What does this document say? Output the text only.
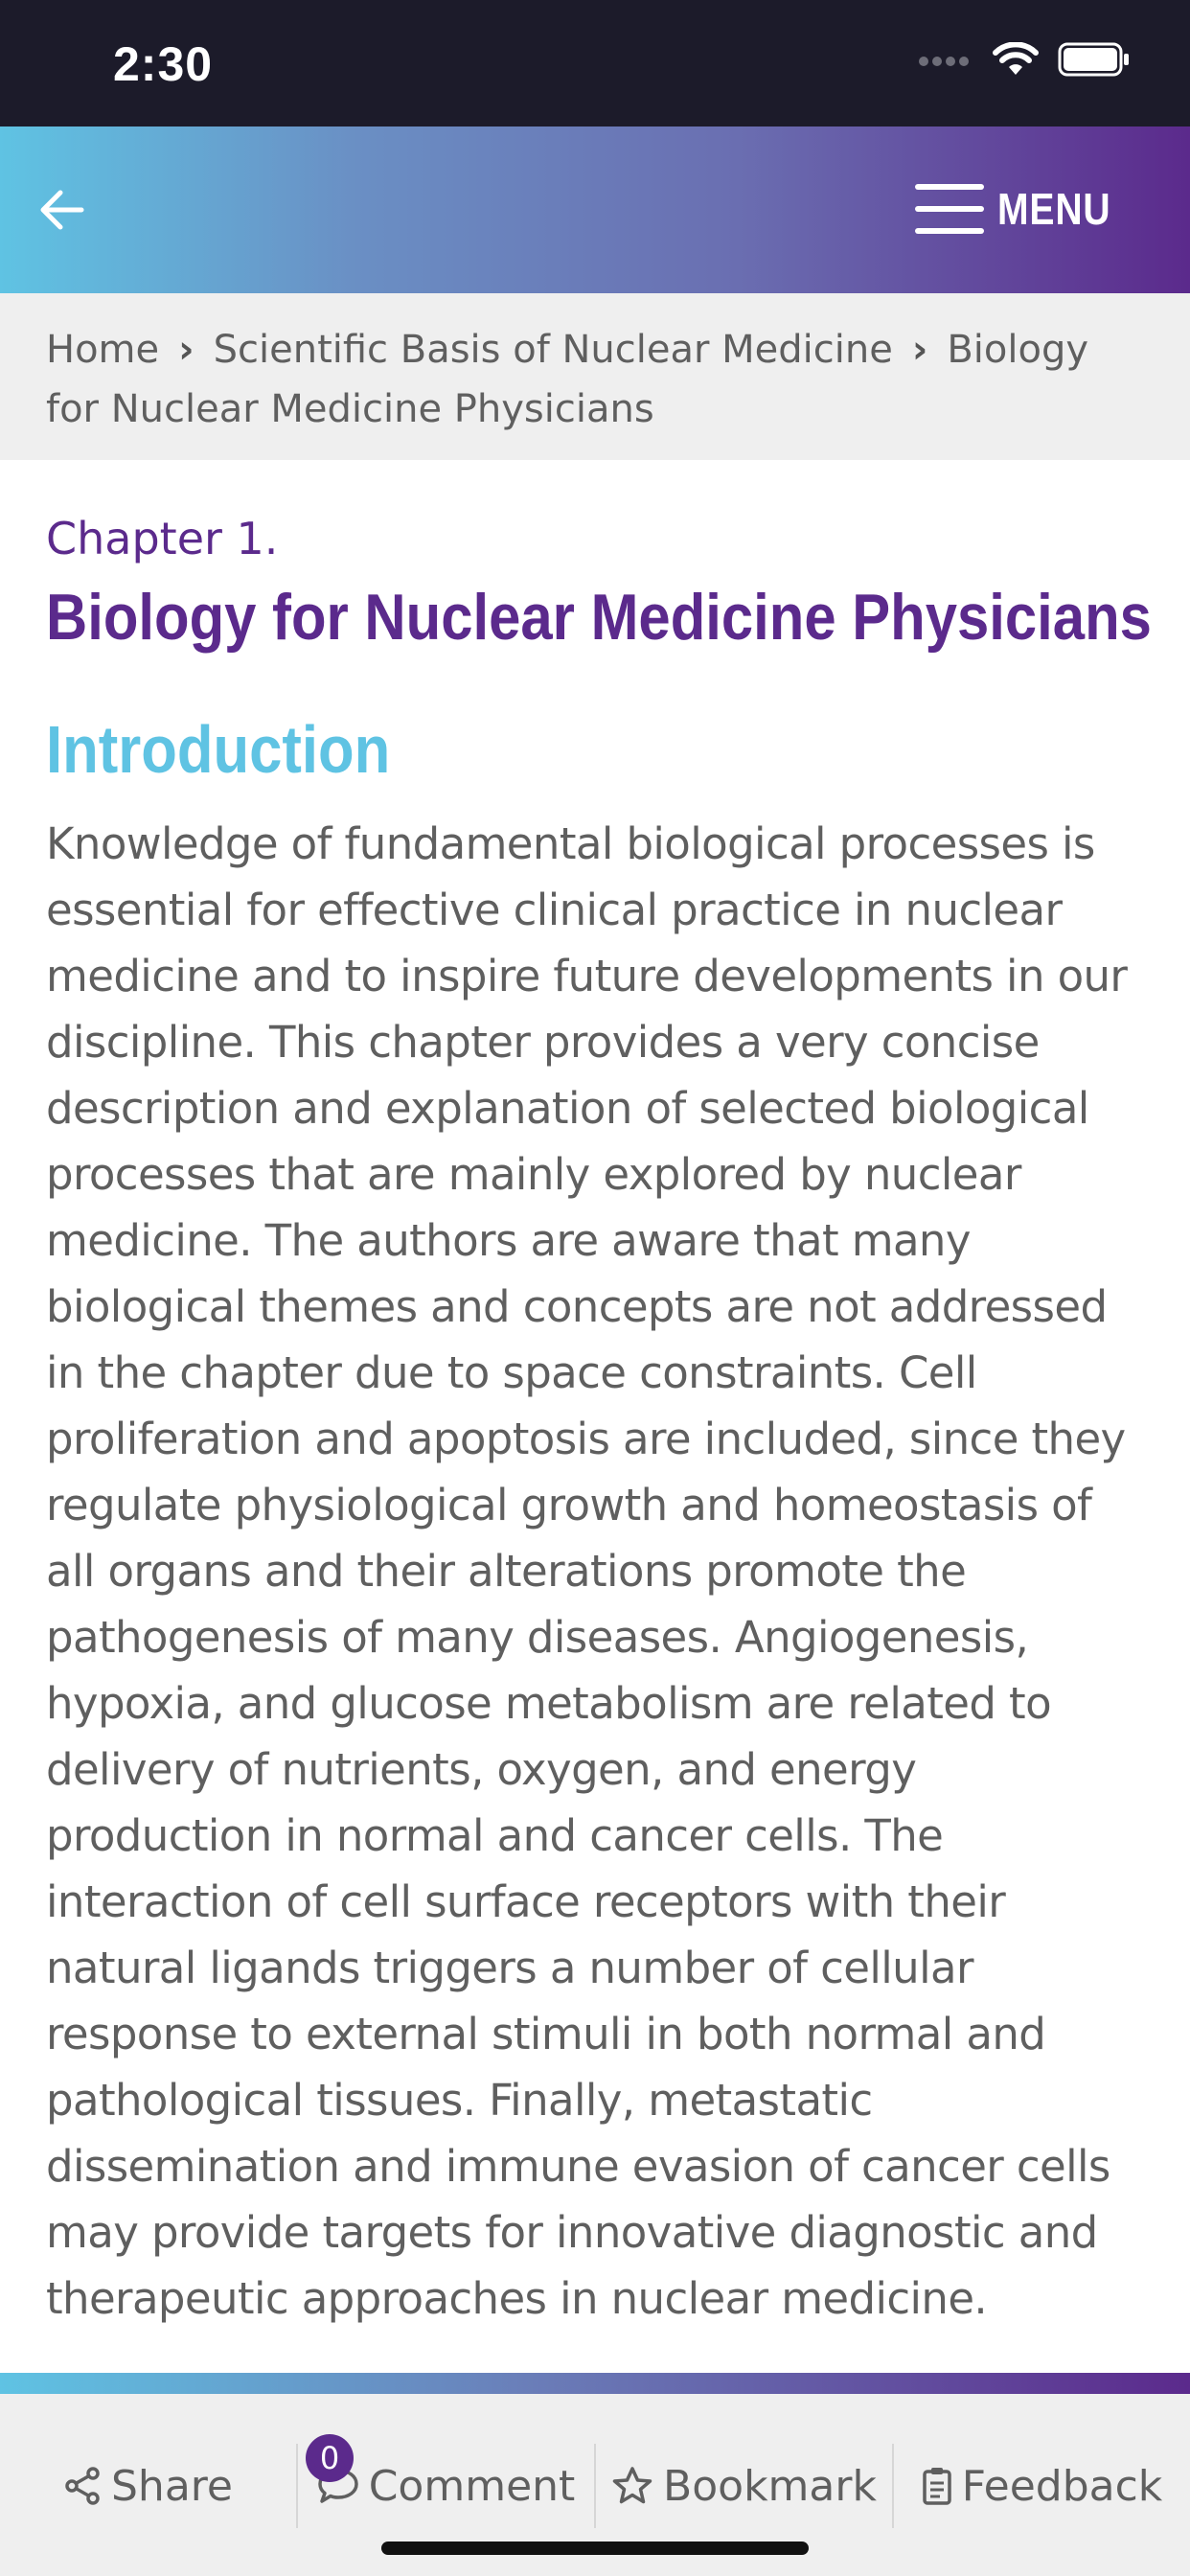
2:30
MENU
Home › Scientific Basis of Nuclear Medicine › Biology for Nuclear Medicine Physicians
Chapter 1.
Biology for Nuclear Medicine Physicians
Introduction

Knowledge of fundamental biological processes is essential for effective clinical practice in nuclear medicine and to inspire future developments in our discipline. This chapter provides a very concise description and explanation of selected biological processes that are mainly explored by nuclear medicine. The authors are aware that many biological themes and concepts are not addressed in the chapter due to space constraints. Cell proliferation and apoptosis are included, since they regulate physiological growth and homeostasis of all organs and their alterations promote the pathogenesis of many diseases. Angiogenesis, hypoxia, and glucose metabolism are related to delivery of nutrients, oxygen, and energy production in normal and cancer cells. The interaction of cell surface receptors with their natural ligands triggers a number of cellular response to external stimuli in both normal and pathological tissues. Finally, metastatic dissemination and immune evasion of cancer cells may provide targets for innovative diagnostic and therapeutic approaches in nuclear medicine.

Share
0
Comment Bookmark Feedback
